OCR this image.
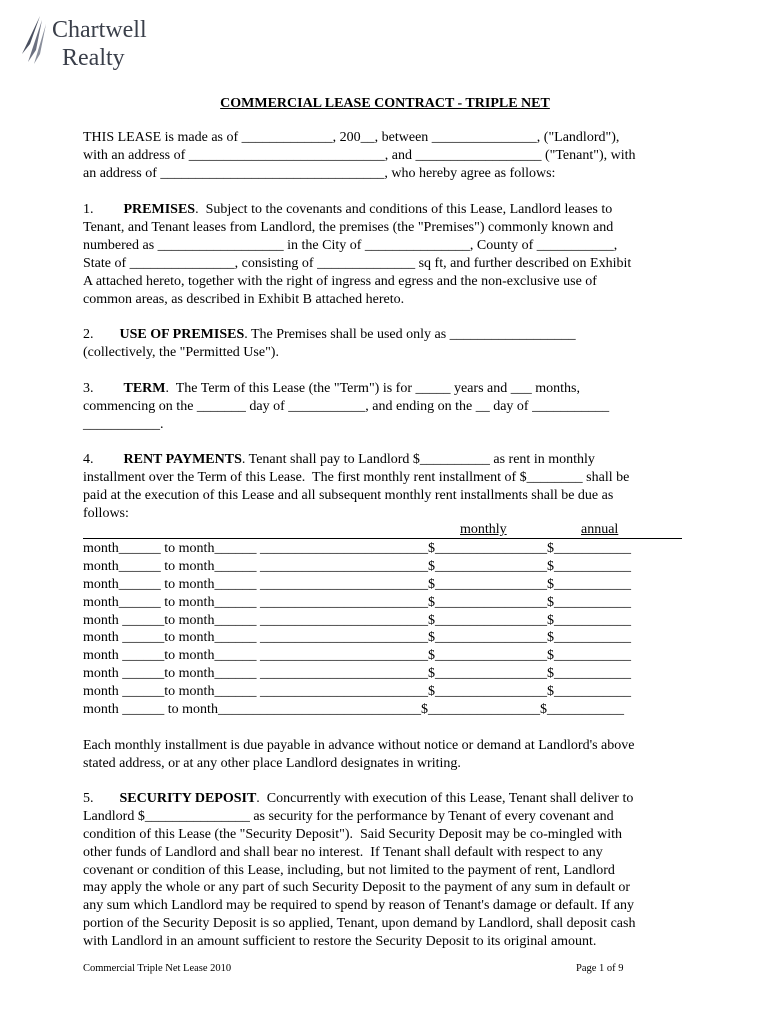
Chartwell
Realty
COMMERCIAL LEASE CONTRACT - TRIPLE NET
THIS LEASE is made as of _____________, 200__, between _______________, ("Landlord"),
with an address of ____________________________, and __________________ ("Tenant"), with
an address of ________________________________, who hereby agree as follows:
1. PREMISES.  Subject to the covenants and conditions of this Lease, Landlord leases to
Tenant, and Tenant leases from Landlord, the premises (the "Premises") commonly known and
numbered as __________________ in the City of _______________, County of ___________,
State of _______________, consisting of ______________ sq ft, and further described on Exhibit
A attached hereto, together with the right of ingress and egress and the non-exclusive use of
common areas, as described in Exhibit B attached hereto.
2. USE OF PREMISES. The Premises shall be used only as __________________
(collectively, the "Permitted Use").
3. TERM.  The Term of this Lease (the "Term") is for _____ years and ___ months,
commencing on the _______ day of ___________, and ending on the __ day of ___________
___________.
4. RENT PAYMENTS. Tenant shall pay to Landlord $__________ as rent in monthly
installment over the Term of this Lease.  The first monthly rent installment of $________ shall be
paid at the execution of this Lease and all subsequent monthly rent installments shall be due as
follows:
monthly	annual
month______ to month______ ________________________$________________$___________
month______ to month______ ________________________$________________$___________
month______ to month______ ________________________$________________$___________
month______ to month______ ________________________$________________$___________
month ______to month______ ________________________$________________$___________
month ______to month______ ________________________$________________$___________
month ______to month______ ________________________$________________$___________
month ______to month______ ________________________$________________$___________
month ______to month______ ________________________$________________$___________
month ______ to month_____________________________$________________$___________
Each monthly installment is due payable in advance without notice or demand at Landlord's above
stated address, or at any other place Landlord designates in writing.
5. SECURITY DEPOSIT.  Concurrently with execution of this Lease, Tenant shall deliver to
Landlord $_______________ as security for the performance by Tenant of every covenant and
condition of this Lease (the "Security Deposit").  Said Security Deposit may be co-mingled with
other funds of Landlord and shall bear no interest.  If Tenant shall default with respect to any
covenant or condition of this Lease, including, but not limited to the payment of rent, Landlord
may apply the whole or any part of such Security Deposit to the payment of any sum in default or
any sum which Landlord may be required to spend by reason of Tenant's damage or default. If any
portion of the Security Deposit is so applied, Tenant, upon demand by Landlord, shall deposit cash
with Landlord in an amount sufficient to restore the Security Deposit to its original amount.
Commercial Triple Net Lease 2010	Page 1 of 9
